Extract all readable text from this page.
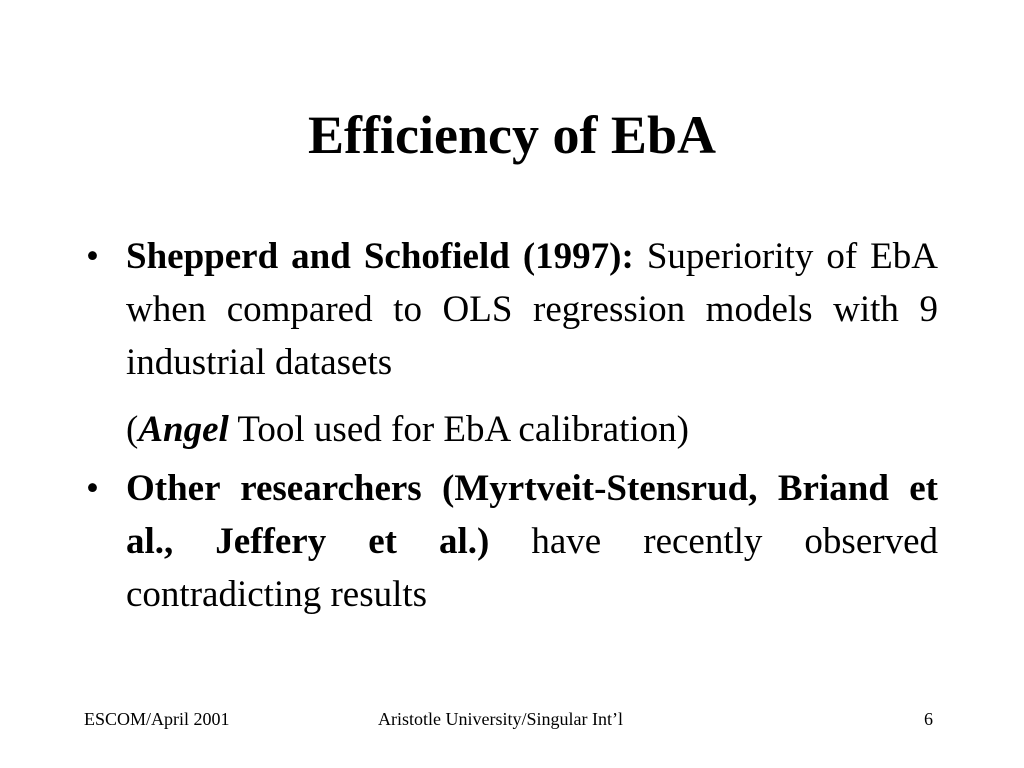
Efficiency of EbA
• Shepperd and Schofield (1997): Superiority of EbA when compared to OLS regression models with 9 industrial datasets
(Angel Tool used for EbA calibration)
• Other researchers (Myrtveit-Stensrud, Briand et al., Jeffery et al.) have recently observed contradicting results
ESCOM/April 2001	Aristotle University/Singular Int’l	6
